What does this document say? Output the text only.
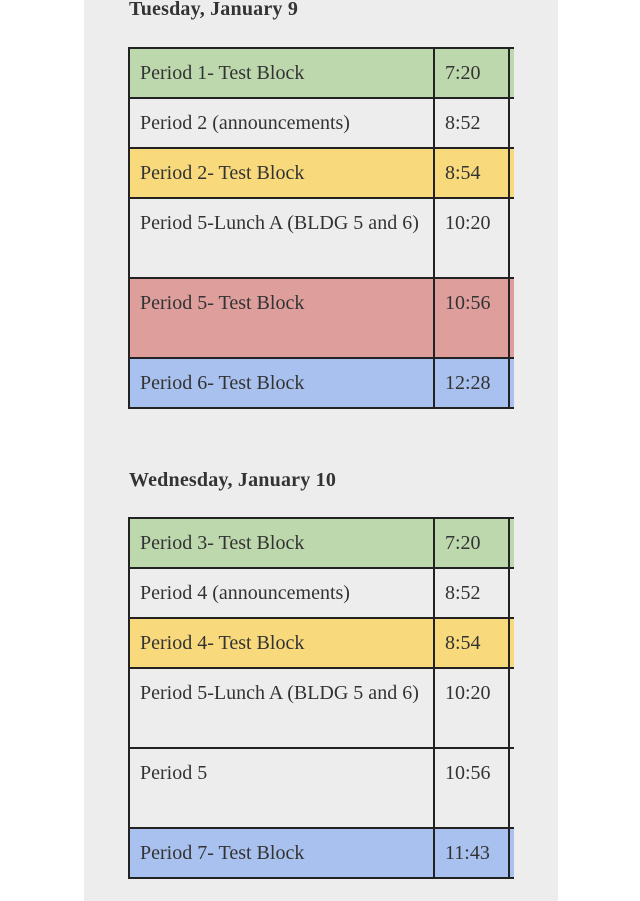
Tuesday, January 9
Period 1- Test Block	7:20	
Period 2 (announcements)	8:52	
Period 2- Test Block	8:54	
Period 5-Lunch A (BLDG 5 and 6)	10:20	
Period 5- Test Block	10:56	
Period 6- Test Block	12:28	
Wednesday, January 10
Period 3- Test Block	7:20	
Period 4 (announcements)	8:52	
Period 4- Test Block	8:54	
Period 5-Lunch A (BLDG 5 and 6)	10:20	
Period 5	10:56	
Period 7- Test Block	11:43	
